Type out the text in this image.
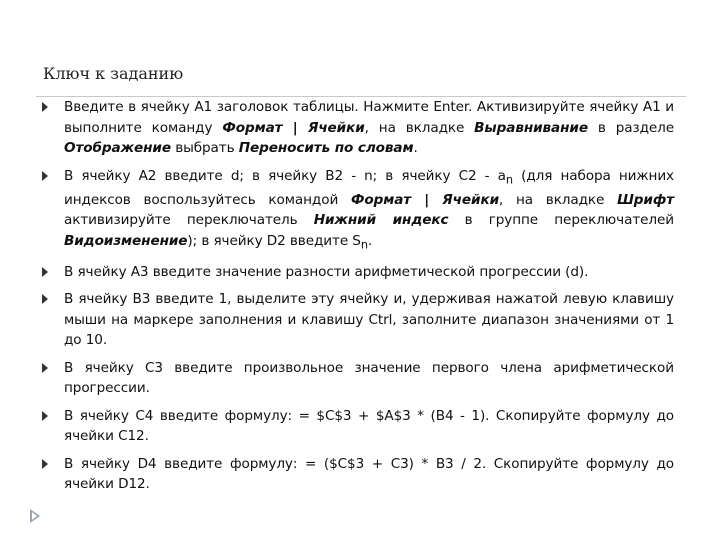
Ключ к заданию

Введите в ячейку A1 заголовок таблицы. Нажмите Enter. Активизируйте ячейку A1 и выполните команду Формат | Ячейки, на вкладке Выравнивание в разделе Отображение выбрать Переносить по словам.

В ячейку A2 введите d; в ячейку B2 - n; в ячейку $C2 - a_n$ (для набора нижних индексов воспользуйтесь командой Формат | Ячейки, на вкладке Шрифт активизируйте переключатель Нижний индекс в группе переключателей Видоизменение); в ячейку D2 введите $S_n$.

В ячейку A3 введите значение разности арифметической прогрессии (d).

В ячейку B3 введите 1, выделите эту ячейку и, удерживая нажатой левую клавишу мыши на маркере заполнения и клавишу Ctrl, заполните диапазон значениями от 1 до 10.

В ячейку C3 введите произвольное значение первого члена арифметической прогрессии.

В ячейку C4 введите формулу: = $C$3 + $A$3 * (B4 - 1). Скопируйте формулу до ячейки C12.

В ячейку D4 введите формулу: = ($C$3 + C3) * B3 / 2. Скопируйте формулу до ячейки D12.
